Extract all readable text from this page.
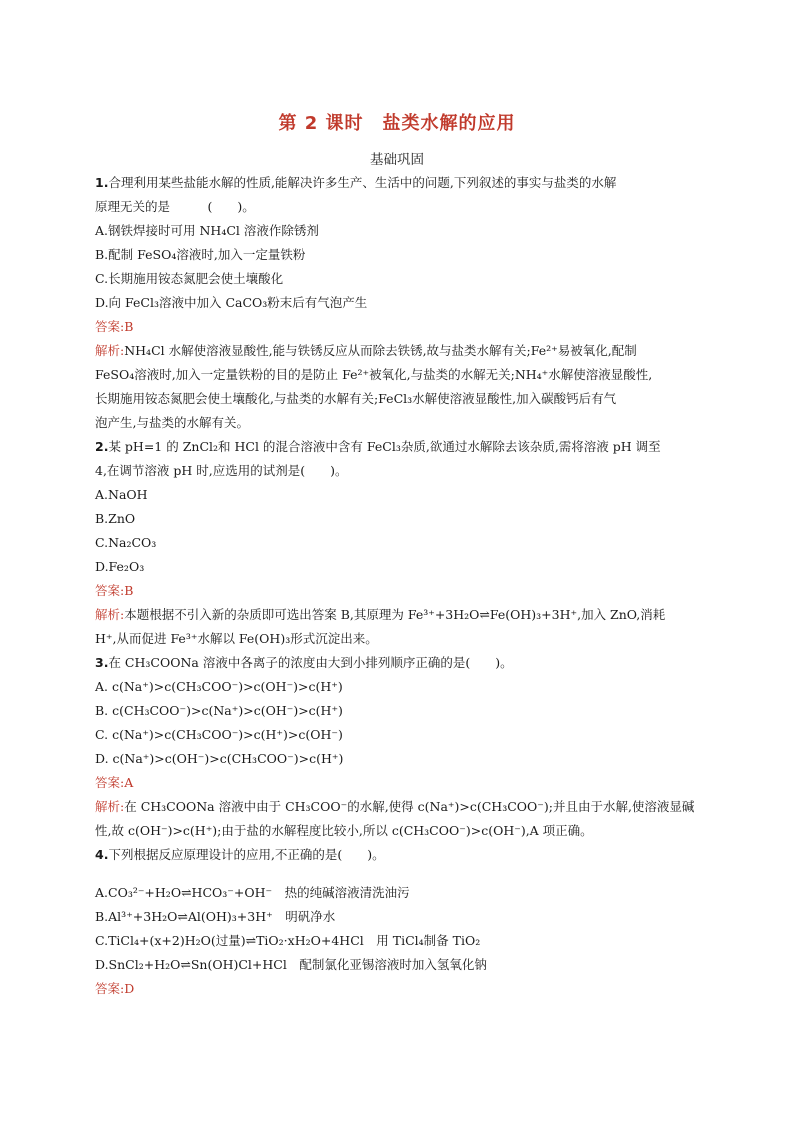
第 2 课时　盐类水解的应用
基础巩固
1.合理利用某些盐能水解的性质,能解决许多生产、生活中的问题,下列叙述的事实与盐类的水解
原理无关的是　　　(　　)。
A.钢铁焊接时可用 NH₄Cl 溶液作除锈剂
B.配制 FeSO₄溶液时,加入一定量铁粉
C.长期施用铵态氮肥会使土壤酸化
D.向 FeCl₃溶液中加入 CaCO₃粉末后有气泡产生
答案:B
解析:NH₄Cl 水解使溶液显酸性,能与铁锈反应从而除去铁锈,故与盐类水解有关;Fe²⁺易被氧化,配制
FeSO₄溶液时,加入一定量铁粉的目的是防止 Fe²⁺被氧化,与盐类的水解无关;NH₄⁺水解使溶液显酸性,
长期施用铵态氮肥会使土壤酸化,与盐类的水解有关;FeCl₃水解使溶液显酸性,加入碳酸钙后有气
泡产生,与盐类的水解有关。
2.某 pH=1 的 ZnCl₂和 HCl 的混合溶液中含有 FeCl₃杂质,欲通过水解除去该杂质,需将溶液 pH 调至
4,在调节溶液 pH 时,应选用的试剂是(　　)。
A.NaOH
B.ZnO
C.Na₂CO₃
D.Fe₂O₃
答案:B
解析:本题根据不引入新的杂质即可选出答案 B,其原理为 Fe³⁺+3H₂O⇌Fe(OH)₃+3H⁺,加入 ZnO,消耗
H⁺,从而促进 Fe³⁺水解以 Fe(OH)₃形式沉淀出来。
3.在 CH₃COONa 溶液中各离子的浓度由大到小排列顺序正确的是(　　)。
A. c(Na⁺)>c(CH₃COO⁻)>c(OH⁻)>c(H⁺)
B. c(CH₃COO⁻)>c(Na⁺)>c(OH⁻)>c(H⁺)
C. c(Na⁺)>c(CH₃COO⁻)>c(H⁺)>c(OH⁻)
D. c(Na⁺)>c(OH⁻)>c(CH₃COO⁻)>c(H⁺)
答案:A
解析:在 CH₃COONa 溶液中由于 CH₃COO⁻的水解,使得 c(Na⁺)>c(CH₃COO⁻);并且由于水解,使溶液显碱
性,故 c(OH⁻)>c(H⁺);由于盐的水解程度比较小,所以 c(CH₃COO⁻)>c(OH⁻),A 项正确。
4.下列根据反应原理设计的应用,不正确的是(　　)。
A.CO₃²⁻+H₂O⇌HCO₃⁻+OH⁻　热的纯碱溶液清洗油污
B.Al³⁺+3H₂O⇌Al(OH)₃+3H⁺　明矾净水
C.TiCl₄+(x+2)H₂O(过量)⇌TiO₂·xH₂O+4HCl　用 TiCl₄制备 TiO₂
D.SnCl₂+H₂O⇌Sn(OH)Cl+HCl　配制氯化亚锡溶液时加入氢氧化钠
答案:D
